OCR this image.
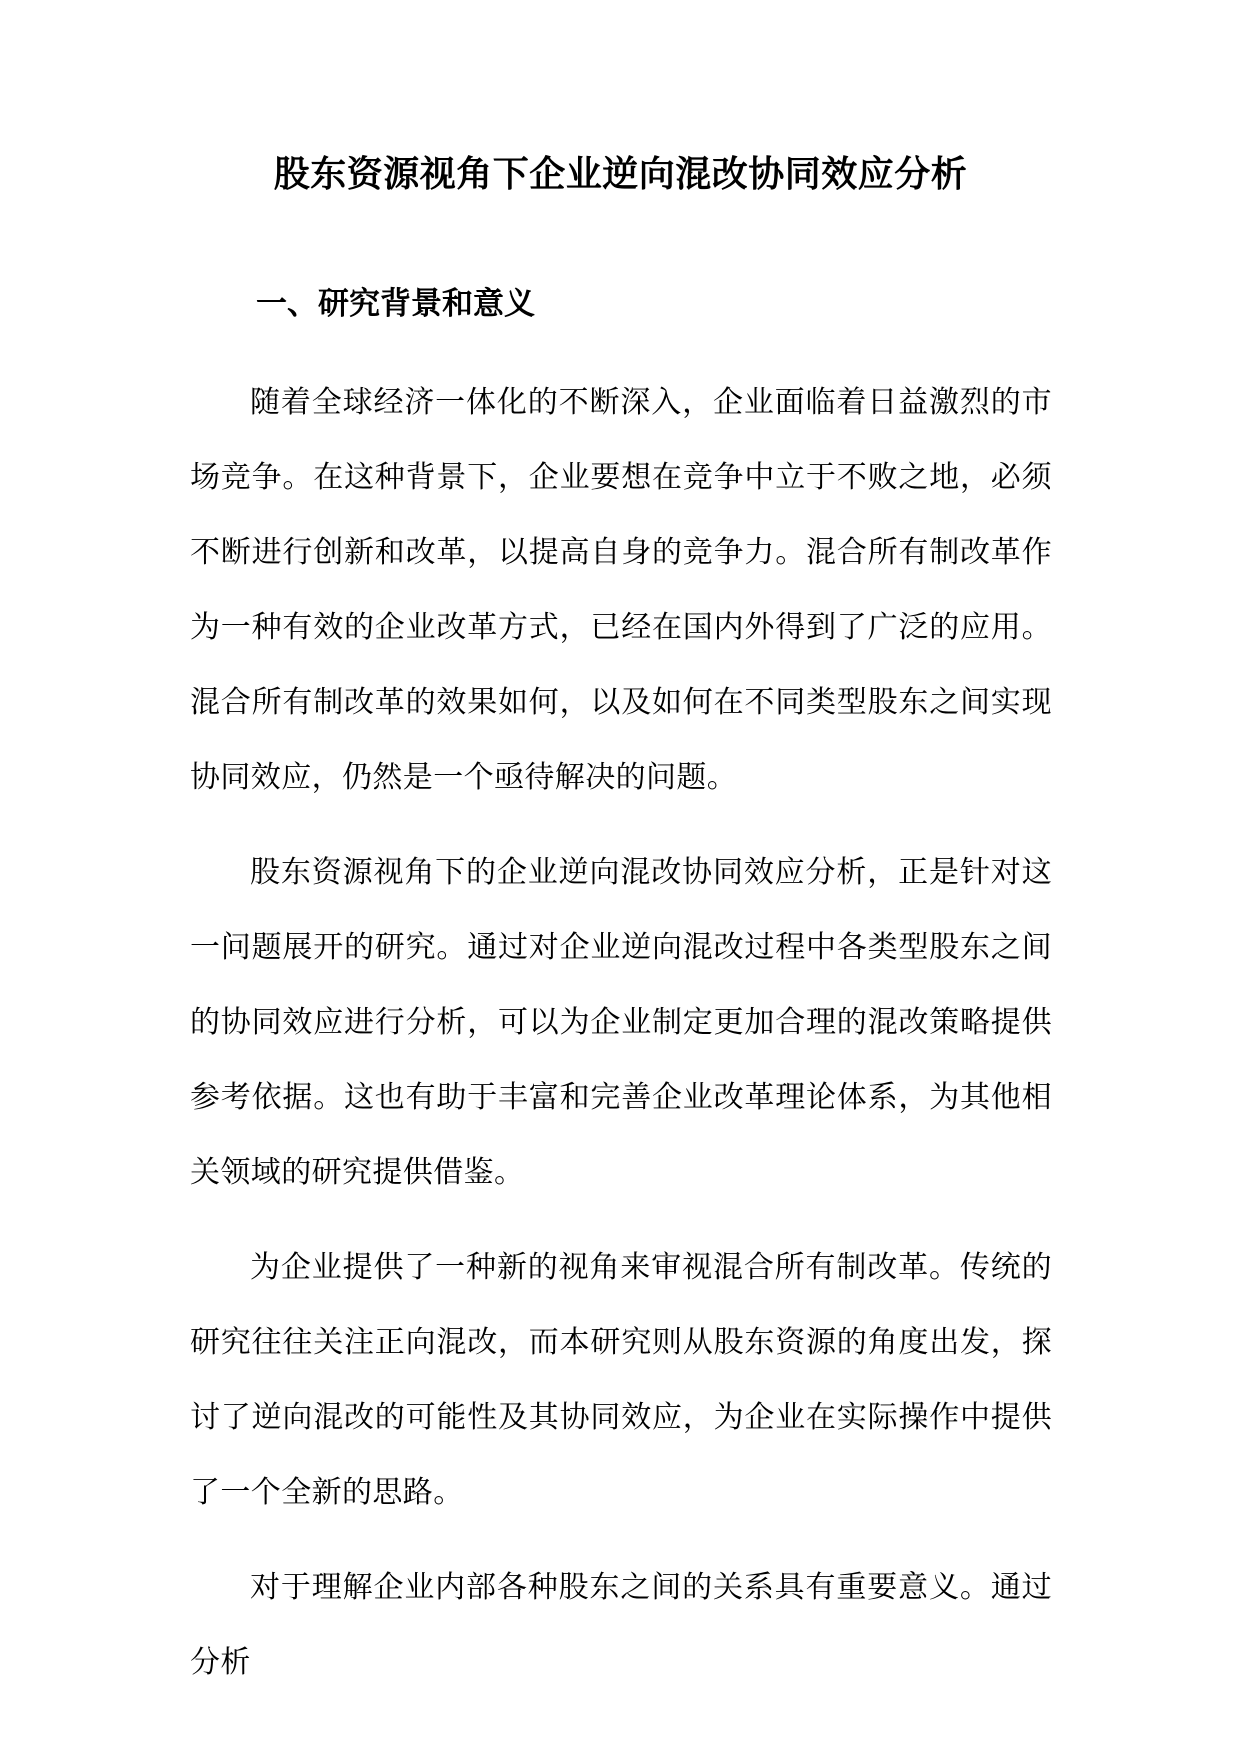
股东资源视角下企业逆向混改协同效应分析
一、研究背景和意义

随着全球经济一体化的不断深入，企业面临着日益激烈的市场竞争。在这种背景下，企业要想在竞争中立于不败之地，必须不断进行创新和改革，以提高自身的竞争力。混合所有制改革作为一种有效的企业改革方式，已经在国内外得到了广泛的应用。混合所有制改革的效果如何，以及如何在不同类型股东之间实现协同效应，仍然是一个亟待解决的问题。

股东资源视角下的企业逆向混改协同效应分析，正是针对这一问题展开的研究。通过对企业逆向混改过程中各类型股东之间的协同效应进行分析，可以为企业制定更加合理的混改策略提供参考依据。这也有助于丰富和完善企业改革理论体系，为其他相关领域的研究提供借鉴。

为企业提供了一种新的视角来审视混合所有制改革。传统的研究往往关注正向混改，而本研究则从股东资源的角度出发，探讨了逆向混改的可能性及其协同效应，为企业在实际操作中提供了一个全新的思路。

对于理解企业内部各种股东之间的关系具有重要意义。通过分析
